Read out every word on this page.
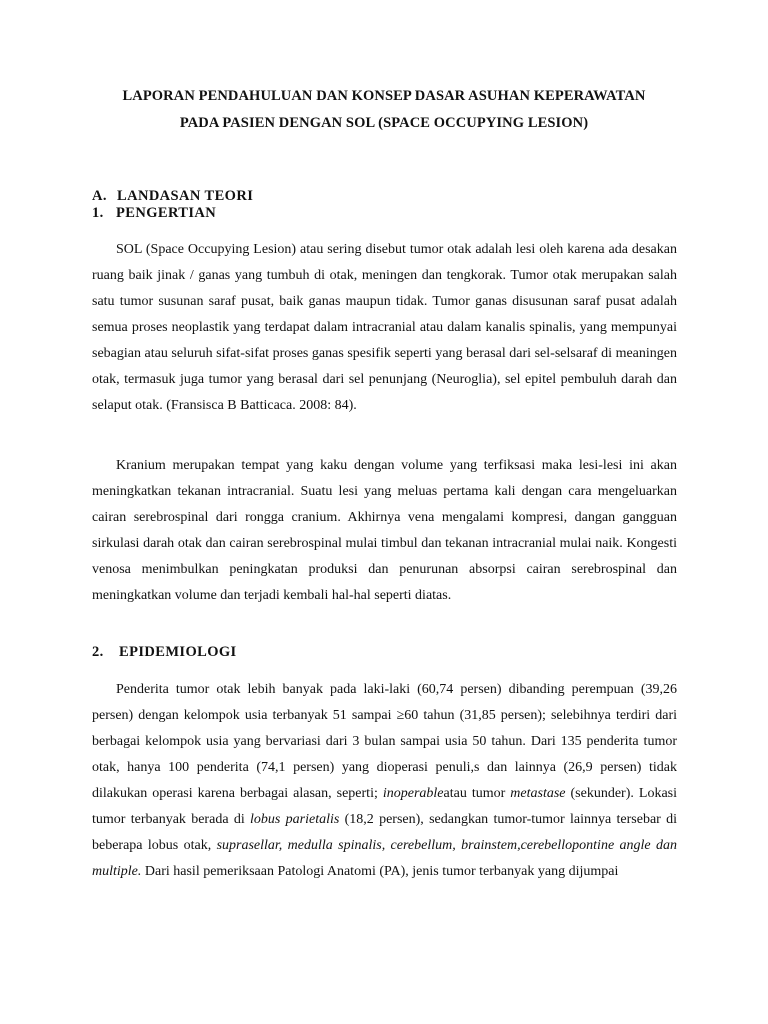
LAPORAN PENDAHULUAN DAN KONSEP DASAR ASUHAN KEPERAWATAN
PADA PASIEN DENGAN SOL (SPACE OCCUPYING LESION)
A. LANDASAN TEORI
1. PENGERTIAN

SOL (Space Occupying Lesion) atau sering disebut tumor otak adalah lesi oleh karena ada desakan ruang baik jinak / ganas yang tumbuh di otak, meningen dan tengkorak. Tumor otak merupakan salah satu tumor susunan saraf pusat, baik ganas maupun tidak. Tumor ganas disusunan saraf pusat adalah semua proses neoplastik yang terdapat dalam intracranial atau dalam kanalis spinalis, yang mempunyai sebagian atau seluruh sifat-sifat proses ganas spesifik seperti yang berasal dari sel-selsaraf di meaningen otak, termasuk juga tumor yang berasal dari sel penunjang (Neuroglia), sel epitel pembuluh darah dan selaput otak. (Fransisca B Batticaca. 2008: 84).

Kranium merupakan tempat yang kaku dengan volume yang terfiksasi maka lesi-lesi ini akan meningkatkan tekanan intracranial. Suatu lesi yang meluas pertama kali dengan cara mengeluarkan cairan serebrospinal dari rongga cranium. Akhirnya vena mengalami kompresi, dangan gangguan sirkulasi darah otak dan cairan serebrospinal mulai timbul dan tekanan intracranial mulai naik. Kongesti venosa menimbulkan peningkatan produksi dan penurunan absorpsi cairan serebrospinal dan meningkatkan volume dan terjadi kembali hal-hal seperti diatas.

2. EPIDEMIOLOGI

Penderita tumor otak lebih banyak pada laki-laki (60,74 persen) dibanding perempuan (39,26 persen) dengan kelompok usia terbanyak 51 sampai ≥60 tahun (31,85 persen); selebihnya terdiri dari berbagai kelompok usia yang bervariasi dari 3 bulan sampai usia 50 tahun. Dari 135 penderita tumor otak, hanya 100 penderita (74,1 persen) yang dioperasi penuli,s dan lainnya (26,9 persen) tidak dilakukan operasi karena berbagai alasan, seperti; inoperableatau tumor metastase (sekunder). Lokasi tumor terbanyak berada di lobus parietalis (18,2 persen), sedangkan tumor-tumor lainnya tersebar di beberapa lobus otak, suprasellar, medulla spinalis, cerebellum, brainstem,cerebellopontine angle dan multiple. Dari hasil pemeriksaan Patologi Anatomi (PA), jenis tumor terbanyak yang dijumpai
